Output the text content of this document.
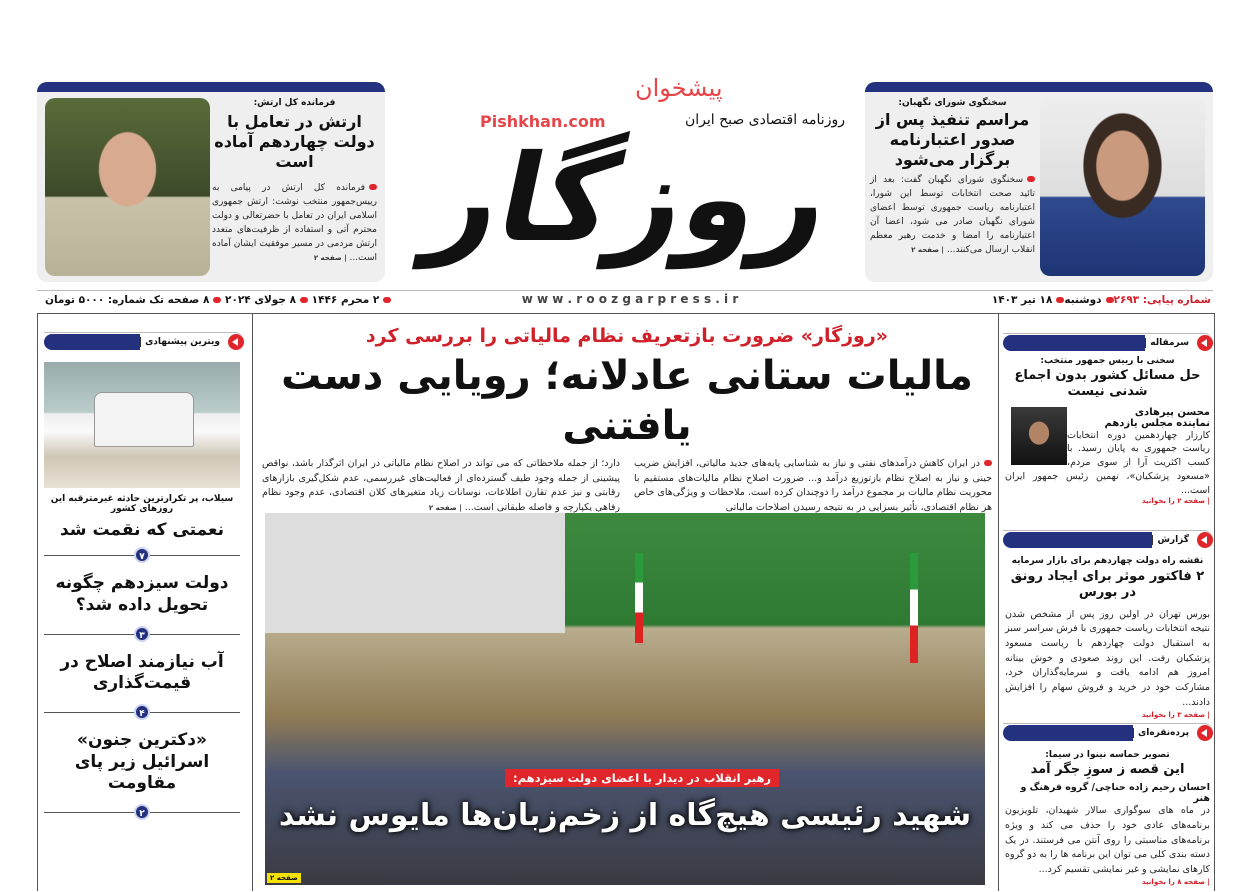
سخنگوی شورای نگهبان:
مراسم تنفیذ پس از صدور اعتبارنامه برگزار می‌شود
سخنگوی شورای نگهبان گفت: بعد از تائید صحت انتخابات توسط این شورا، اعتبارنامه ریاست جمهوری توسط اعضای شورای نگهبان صادر می شود، اعضا آن اعتبارنامه را امضا و خدمت رهبر معظم انقلاب ارسال می‌کنند... | صفحه ۲
فرمانده کل ارتش:
ارتش در تعامل با دولت چهاردهم آماده است
فرمانده کل ارتش در پیامی به رییس‌جمهور منتخب نوشت: ارتش جمهوری اسلامی ایران در تعامل با حضرتعالی و دولت محترم آتی و استفاده از ظرفیت‌های متعدد ارتش مردمی در مسیر موفقیت ایشان آماده است... | صفحه ۲
روزنامه اقتصادی صبح ایران
پیشخوان
Pishkhan.com
روزگار
w w w . r o o z g a r p r e s s . i r	شماره پیاپی: ۲۶۹۳دوشنبه۱۸ تیر ۱۴۰۳
۲ محرم ۱۴۴۶ ۸ جولای ۲۰۲۴ ۸ صفحه تک شماره: ۵۰۰۰ تومان
«روزگار» ضرورت بازتعریف نظام مالیاتی را بررسی کرد
مالیات ستانی عادلانه؛ رویایی دست یافتنی
در ایران کاهش درآمدهای نفتی و نیاز به شناسایی پایه‌های جدید مالیاتی، افزایش ضریب جینی و نیاز به اصلاح نظام بازتوزیع درآمد و... ضرورت اصلاح نظام مالیات‌های مستقیم با محوریت نظام مالیات بر مجموع درآمد را دوچندان کرده است. ملاحظات و ویژگی‌های خاص هر نظام اقتصادی، تأثیر بسزایی در به نتیجه رسیدن اصلاحات مالیاتی
دارد؛ از جمله ملاحظاتی که می تواند در اصلاح نظام مالیاتی در ایران اثرگذار باشد، نواقص پیشینی از جمله وجود طیف گسترده‌ای از فعالیت‌های غیررسمی، عدم شکل‌گیری بازارهای رقابتی و نیز عدم تقارن اطلاعات، نوسانات زیاد متغیرهای کلان اقتصادی، عدم وجود نظام رفاهی یکپارچه و فاصله طبقاتی است... | صفحه ۲
رهبر انقلاب در دیدار با اعضای دولت سیزدهم:
شهید رئیسی هیچ‌گاه از زخم‌زبان‌ها مایوس نشد
صفحه ۲
سرمقاله
سخنی با رییس جمهور منتخب:
حل مسائل کشور بدون اجماع شدنی نیست
محسن پیرهادی
نماینده مجلس یازدهم
کارزار چهاردهمین دوره انتخابات ریاست جمهوری به پایان رسید. با کسب اکثریت آرا از سوی مردم، «مسعود پزشکیان»، نهمین رئیس جمهور ایران است...
| صفحه ۲ را بخوانید
گزارش
نقشه راه دولت چهاردهم برای بازار سرمایه
۲ فاکتور موثر برای ایجاد رونق در بورس
بورس تهران در اولین روز پس از مشخص شدن نتیجه انتخابات ریاست جمهوری با فرش سراسر سبز به استقبال دولت چهاردهم با ریاست مسعود پزشکیان رفت. این روند صعودی و خوش بینانه امروز هم ادامه یافت و سرمایه‌گذاران خرد، مشارکت خود در خرید و فروش سهام را افزایش دادند...
| صفحه ۳ را بخوانید
پرده‌نقره‌ای
تصویر حماسه نینوا در سیما:
این قصه ز سوزِ جگر آمد
احسان رحیم زاده حناچی/ گروه فرهنگ و هنر
در ماه های سوگواری سالار شهیدان، تلویزیون برنامه‌های عادی خود را حذف می کند و ویژه برنامه‌های مناسبتی را روی آنتن می فرستند. در یک دسته بندی کلی می توان این برنامه ها را به دو گروه کارهای نمایشی و غیر نمایشی تقسیم کرد...
| صفحه ۸ را بخوانید
ویترین پیشنهادی
سیلاب، پر تکرارترین حادثه غیرمترقبه این روزهای کشور
نعمتی که نقمت شد
۷
دولت سیزدهم چگونه تحویل داده شد؟
۳
آب نیازمند اصلاح در قیمت‌گذاری
۴
«دکترین جنون» اسرائیل زیر پای مقاومت
۲
